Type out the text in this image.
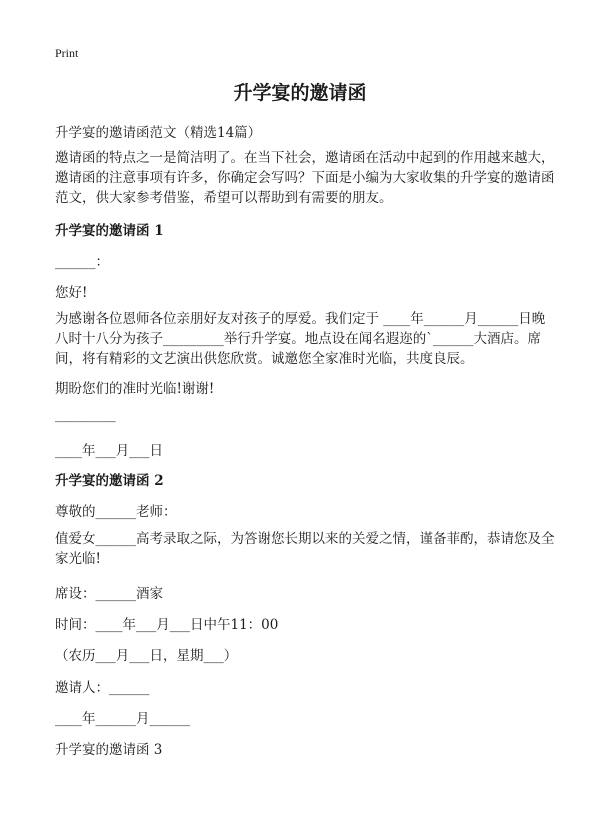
Print
升学宴的邀请函
升学宴的邀请函范文（精选14篇）
邀请函的特点之一是简洁明了。在当下社会，邀请函在活动中起到的作用越来越大，邀请函的注意事项有许多，你确定会写吗？下面是小编为大家收集的升学宴的邀请函范文，供大家参考借鉴，希望可以帮助到有需要的朋友。
升学宴的邀请函 1
______：
您好!
为感谢各位恩师各位亲朋好友对孩子的厚爱。我们定于 ____年______月______日晚八时十八分为孩子_________举行升学宴。地点设在闻名遐迩的`______大酒店。席间，将有精彩的文艺演出供您欣赏。诚邀您全家准时光临，共度良辰。
期盼您们的准时光临!谢谢!
_________
____年___月___日
升学宴的邀请函 2
尊敬的______老师：
值爱女______高考录取之际，为答谢您长期以来的关爱之情，谨备菲酌，恭请您及全家光临!
席设：______酒家
时间：____年___月___日中午11：00
（农历___月___日，星期___）
邀请人：______
____年______月______
升学宴的邀请函 3
